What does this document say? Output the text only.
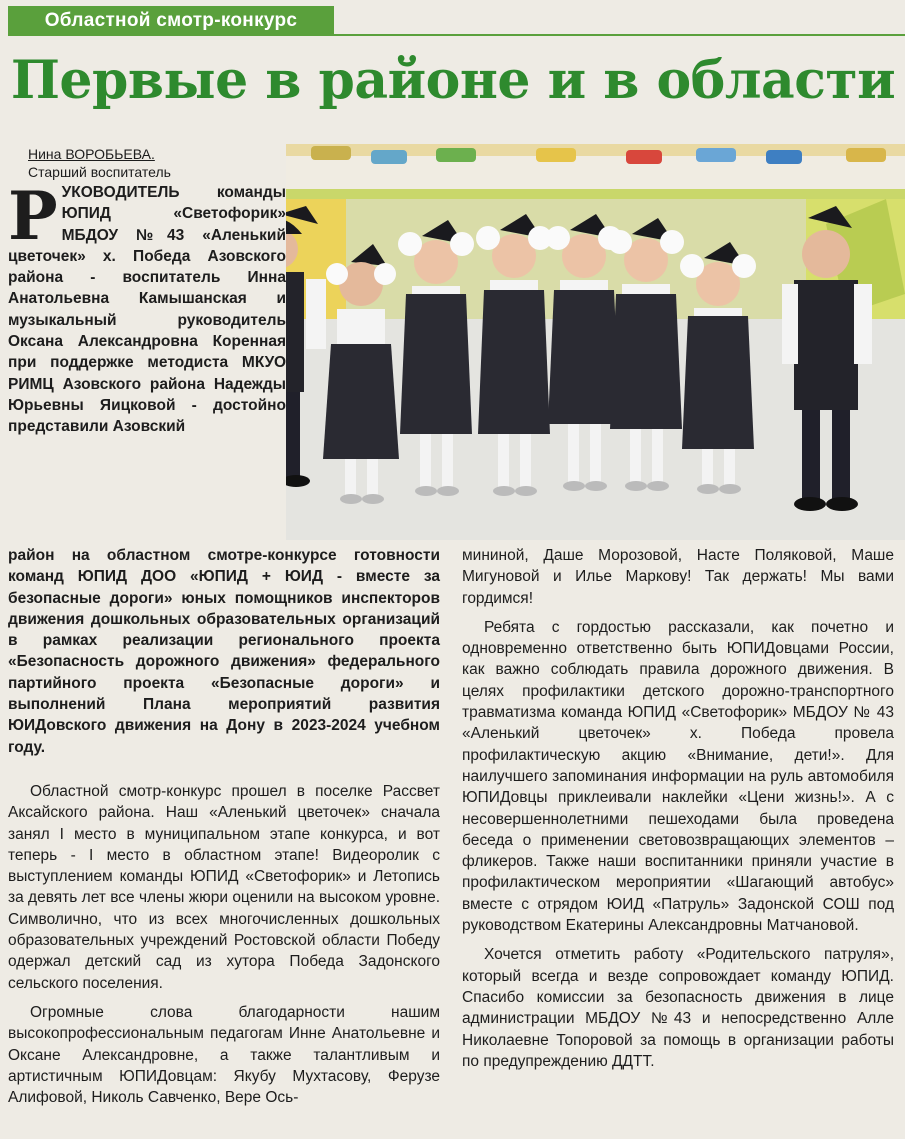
Областной смотр-конкурс
Первые в районе и в области
Нина ВОРОБЬЕВА.
Старший воспитатель

РУКОВОДИТЕЛЬ команды ЮПИД «Светофорик» МБДОУ №43 «Аленький цветочек» х. Победа Азовского района - воспитатель Инна Анатольевна Камышанская и музыкальный руководитель Оксана Александровна Коренная при поддержке методиста МКУО РИМЦ Азовского района Надежды Юрьевны Яицковой - достойно представили Азовский

район на областном смотре-конкурсе готовности команд ЮПИД ДОО «ЮПИД + ЮИД - вместе за безопасные дороги» юных помощников инспекторов движения дошкольных образовательных организаций в рамках реализации регионального проекта «Безопасность дорожного движения» федерального партийного проекта «Безопасные дороги» и выполнений Плана мероприятий развития ЮИДовского движения на Дону в 2023-2024 учебном году.

Областной смотр-конкурс прошел в поселке Рассвет Аксайского района. Наш «Аленький цветочек» сначала занял I место в муниципальном этапе конкурса, и вот теперь - I место в областном этапе! Видеоролик с выступлением команды ЮПИД «Светофорик» и Летопись за девять лет все члены жюри оценили на высоком уровне. Символично, что из всех многочисленных дошкольных образовательных учреждений Ростовской области Победу одержал детский сад из хутора Победа Задонского сельского поселения.

Огромные слова благодарности нашим высокопрофессиональным педагогам Инне Анатольевне и Оксане Александровне, а также талантливым и артистичным ЮПИДовцам: Якубу Мухтасову, Ферузе Алифовой, Николь Савченко, Вере Ось-

мининой, Даше Морозовой, Насте Поляковой, Маше Мигуновой и Илье Маркову! Так держать! Мы вами гордимся!

Ребята с гордостью рассказали, как почетно и одновременно ответственно быть ЮПИДовцами России, как важно соблюдать правила дорожного движения. В целях профилактики детского дорожно-транспортного травматизма команда ЮПИД «Светофорик» МБДОУ № 43 «Аленький цветочек» х. Победа провела профилактическую акцию «Внимание, дети!». Для наилучшего запоминания информации на руль автомобиля ЮПИДовцы приклеивали наклейки «Цени жизнь!». А с несовершеннолетними пешеходами была проведена беседа о применении световозвращающих элементов – фликеров. Также наши воспитанники приняли участие в профилактическом мероприятии «Шагающий автобус» вместе с отрядом ЮИД «Патруль» Задонской СОШ под руководством Екатерины Александровны Матчановой.

Хочется отметить работу «Родительского патруля», который всегда и везде сопровождает команду ЮПИД. Спасибо комиссии за безопасность движения в лице администрации МБДОУ №43 и непосредственно Алле Николаевне Топоровой за помощь в организации работы по предупреждению ДДТТ.
